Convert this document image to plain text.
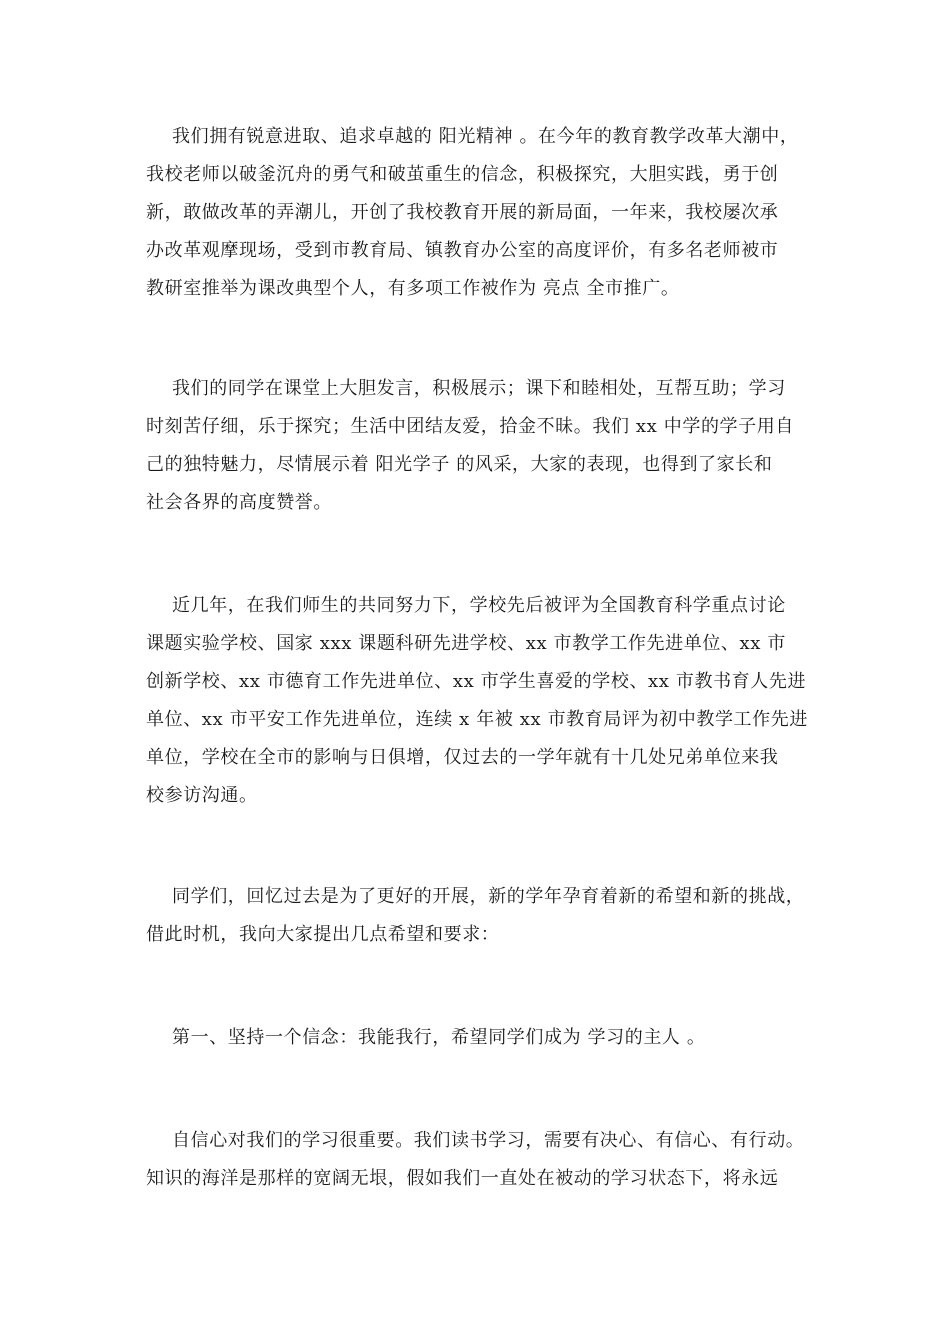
我们拥有锐意进取、追求卓越的 阳光精神 。在今年的教育教学改革大潮中，
我校老师以破釜沉舟的勇气和破茧重生的信念，积极探究，大胆实践，勇于创
新，敢做改革的弄潮儿，开创了我校教育开展的新局面，一年来，我校屡次承
办改革观摩现场，受到市教育局、镇教育办公室的高度评价，有多名老师被市
教研室推举为课改典型个人，有多项工作被作为 亮点 全市推广。
我们的同学在课堂上大胆发言，积极展示；课下和睦相处，互帮互助；学习
时刻苦仔细，乐于探究；生活中团结友爱，拾金不昧。我们 xx 中学的学子用自
己的独特魅力，尽情展示着 阳光学子 的风采，大家的表现，也得到了家长和
社会各界的高度赞誉。
近几年，在我们师生的共同努力下，学校先后被评为全国教育科学重点讨论
课题实验学校、国家 xxx 课题科研先进学校、xx 市教学工作先进单位、xx 市
创新学校、xx 市德育工作先进单位、xx 市学生喜爱的学校、xx 市教书育人先进
单位、xx 市平安工作先进单位，连续 x 年被 xx 市教育局评为初中教学工作先进
单位，学校在全市的影响与日俱增，仅过去的一学年就有十几处兄弟单位来我
校参访沟通。
同学们，回忆过去是为了更好的开展，新的学年孕育着新的希望和新的挑战，
借此时机，我向大家提出几点希望和要求：
第一、坚持一个信念：我能我行，希望同学们成为 学习的主人 。
自信心对我们的学习很重要。我们读书学习，需要有决心、有信心、有行动。
知识的海洋是那样的宽阔无垠，假如我们一直处在被动的学习状态下，将永远
